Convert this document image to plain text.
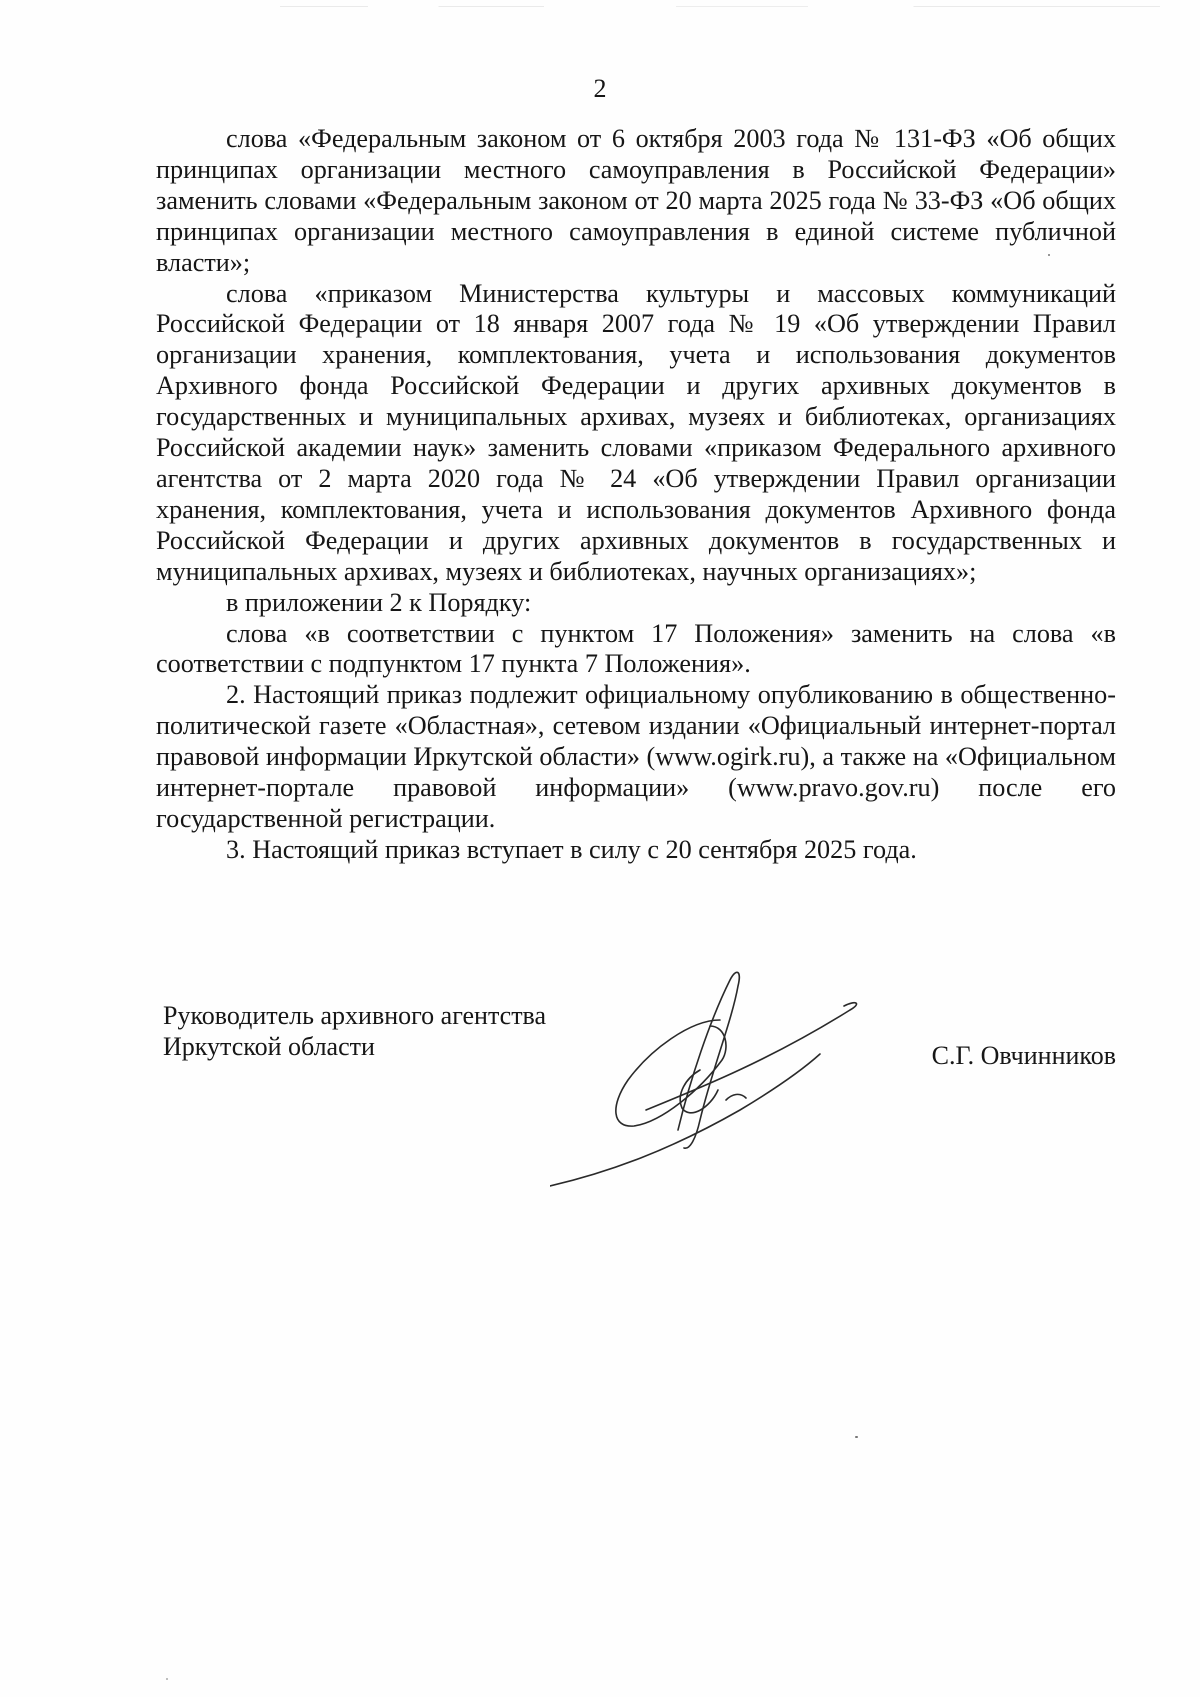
2

слова «Федеральным законом от 6 октября 2003 года № 131-ФЗ «Об общих принципах организации местного самоуправления в Российской Федерации» заменить словами «Федеральным законом от 20 марта 2025 года № 33-ФЗ «Об общих принципах организации местного самоуправления в единой системе публичной власти»;

слова «приказом Министерства культуры и массовых коммуникаций Российской Федерации от 18 января 2007 года № 19 «Об утверждении Правил организации хранения, комплектования, учета и использования документов Архивного фонда Российской Федерации и других архивных документов в государственных и муниципальных архивах, музеях и библиотеках, организациях Российской академии наук» заменить словами «приказом Федерального архивного агентства от 2 марта 2020 года № 24 «Об утверждении Правил организации хранения, комплектования, учета и использования документов Архивного фонда Российской Федерации и других архивных документов в государственных и муниципальных архивах, музеях и библиотеках, научных организациях»;

в приложении 2 к Порядку:

слова «в соответствии с пунктом 17 Положения» заменить на слова «в соответствии с подпунктом 17 пункта 7 Положения».

2. Настоящий приказ подлежит официальному опубликованию в общественно-политической газете «Областная», сетевом издании «Официальный интернет-портал правовой информации Иркутской области» (www.ogirk.ru), а также на «Официальном интернет-портале правовой информации» (www.pravo.gov.ru) после его государственной регистрации.

3. Настоящий приказ вступает в силу с 20 сентября 2025 года.

Руководитель архивного агентства
Иркутской области	С.Г. Овчинников
